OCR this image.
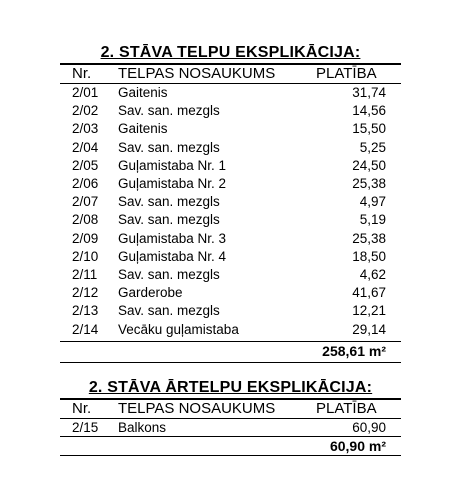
2. STĀVA TELPU EKSPLIKĀCIJA:
Nr. TELPAS NOSAUKUMS	PLATĪBA
2/01 Gaitenis	31,74
2/02 Sav. san. mezgls	14,56
2/03 Gaitenis	15,50
2/04 Sav. san. mezgls	5,25
2/05 Guļamistaba Nr. 1	24,50
2/06 Guļamistaba Nr. 2	25,38
2/07 Sav. san. mezgls	4,97
2/08 Sav. san. mezgls	5,19
2/09 Guļamistaba Nr. 3	25,38
2/10 Guļamistaba Nr. 4	18,50
2/11 Sav. san. mezgls	4,62
2/12 Garderobe	41,67
2/13 Sav. san. mezgls	12,21
2/14 Vecāku guļamistaba	29,14
258,61 m²
2. STĀVA ĀRTELPU EKSPLIKĀCIJA:
Nr. TELPAS NOSAUKUMS	PLATĪBA
2/15 Balkons	60,90
60,90 m²
